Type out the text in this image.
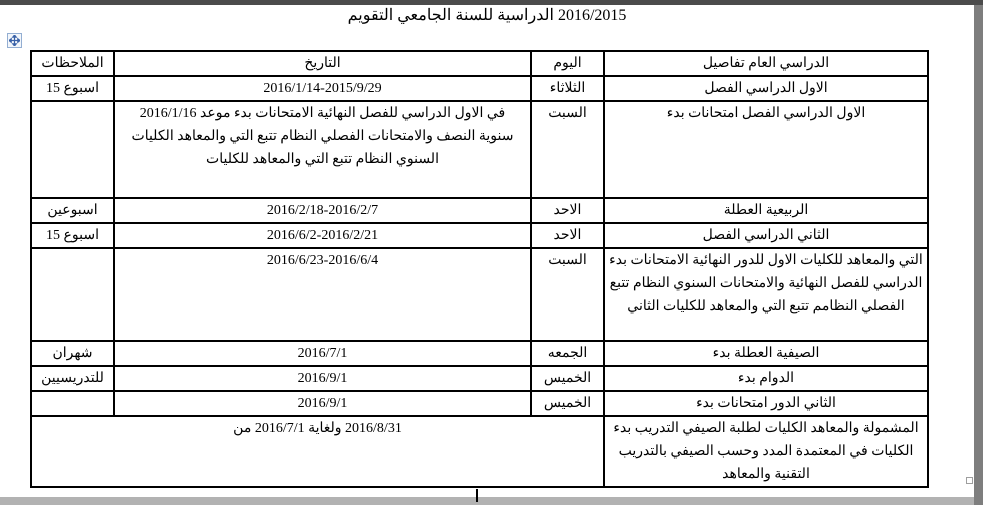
التقويم الجامعي للسنة الدراسية 2016/2015
الملاحظات	التاريخ	اليوم	تفاصيل العام الدراسي
15 اسبوع	2016/1/14-2015/9/29	الثلاثاء	الفصل الدراسي الاول
	2016/1/16 موعد بدء الامتحانات النهائية للفصل الدراسي الاول في الكليات والمعاهد التي تتبع النظام الفصلي والامتحانات النصف سنوية للكليات والمعاهد التي تتبع النظام السنوي	السبت	بدء امتحانات الفصل الدراسي الاول
اسبوعين	2016/2/18-2016/2/7	الاحد	العطلة الربيعية
15 اسبوع	2016/6/2-2016/2/21	الاحد	الفصل الدراسي الثاني
	2016/6/23-2016/6/4	السبت	بدء الامتحانات النهائية للدور الاول للكليات والمعاهد التي تتبع النظام السنوي والامتحانات النهائية للفصل الدراسي الثاني للكليات والمعاهد التي تتبع النظامم الفصلي
شهران	2016/7/1	الجمعه	بدء العطلة الصيفية
للتدريسيين	2016/9/1	الخميس	بدء الدوام
	2016/9/1	الخميس	بدء امتحانات الدور الثاني
من 2016/7/1 ولغاية 2016/8/31			بدء التدريب الصيفي لطلبة الكليات والمعاهد المشمولة بالتدريب الصيفي وحسب المدد المعتمدة في الكليات والمعاهد التقنية
